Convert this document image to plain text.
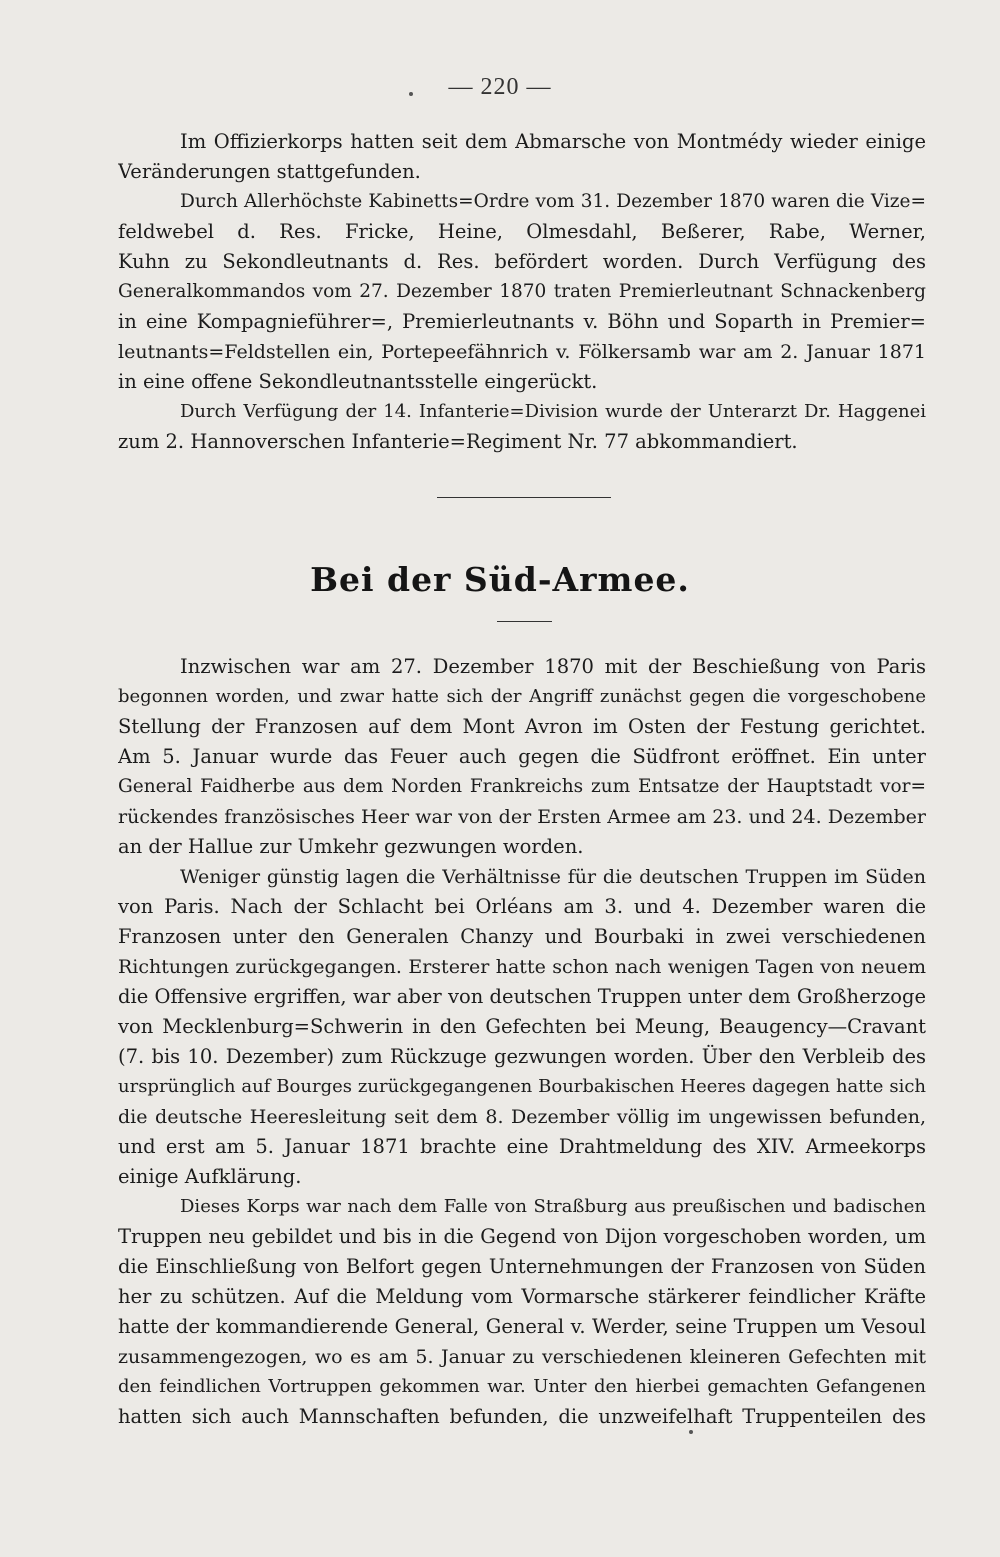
— 220 —
Im Offizierkorps hatten seit dem Abmarsche von Montmédy wieder einige
Veränderungen stattgefunden.
Durch Allerhöchste Kabinetts=Ordre vom 31. Dezember 1870 waren die Vize=
feldwebel d. Res. Fricke, Heine, Olmesdahl, Beßerer, Rabe, Werner,
Kuhn zu Sekondleutnants d. Res. befördert worden. Durch Verfügung des
Generalkommandos vom 27. Dezember 1870 traten Premierleutnant Schnackenberg
in eine Kompagnieführer=, Premierleutnants v. Böhn und Soparth in Premier=
leutnants=Feldstellen ein, Portepeefähnrich v. Fölkersamb war am 2. Januar 1871
in eine offene Sekondleutnantsstelle eingerückt.
Durch Verfügung der 14. Infanterie=Division wurde der Unterarzt Dr. Haggenei
zum 2. Hannoverschen Infanterie=Regiment Nr. 77 abkommandiert.
Bei der Süd-Armee.
Inzwischen war am 27. Dezember 1870 mit der Beschießung von Paris
begonnen worden, und zwar hatte sich der Angriff zunächst gegen die vorgeschobene
Stellung der Franzosen auf dem Mont Avron im Osten der Festung gerichtet.
Am 5. Januar wurde das Feuer auch gegen die Südfront eröffnet. Ein unter
General Faidherbe aus dem Norden Frankreichs zum Entsatze der Hauptstadt vor=
rückendes französisches Heer war von der Ersten Armee am 23. und 24. Dezember
an der Hallue zur Umkehr gezwungen worden.
Weniger günstig lagen die Verhältnisse für die deutschen Truppen im Süden
von Paris. Nach der Schlacht bei Orléans am 3. und 4. Dezember waren die
Franzosen unter den Generalen Chanzy und Bourbaki in zwei verschiedenen
Richtungen zurückgegangen. Ersterer hatte schon nach wenigen Tagen von neuem
die Offensive ergriffen, war aber von deutschen Truppen unter dem Großherzoge
von Mecklenburg=Schwerin in den Gefechten bei Meung, Beaugency—Cravant
(7. bis 10. Dezember) zum Rückzuge gezwungen worden. Über den Verbleib des
ursprünglich auf Bourges zurückgegangenen Bourbakischen Heeres dagegen hatte sich
die deutsche Heeresleitung seit dem 8. Dezember völlig im ungewissen befunden,
und erst am 5. Januar 1871 brachte eine Drahtmeldung des XIV. Armeekorps
einige Aufklärung.
Dieses Korps war nach dem Falle von Straßburg aus preußischen und badischen
Truppen neu gebildet und bis in die Gegend von Dijon vorgeschoben worden, um
die Einschließung von Belfort gegen Unternehmungen der Franzosen von Süden
her zu schützen. Auf die Meldung vom Vormarsche stärkerer feindlicher Kräfte
hatte der kommandierende General, General v. Werder, seine Truppen um Vesoul
zusammengezogen, wo es am 5. Januar zu verschiedenen kleineren Gefechten mit
den feindlichen Vortruppen gekommen war. Unter den hierbei gemachten Gefangenen
hatten sich auch Mannschaften befunden, die unzweifelhaft Truppenteilen des
